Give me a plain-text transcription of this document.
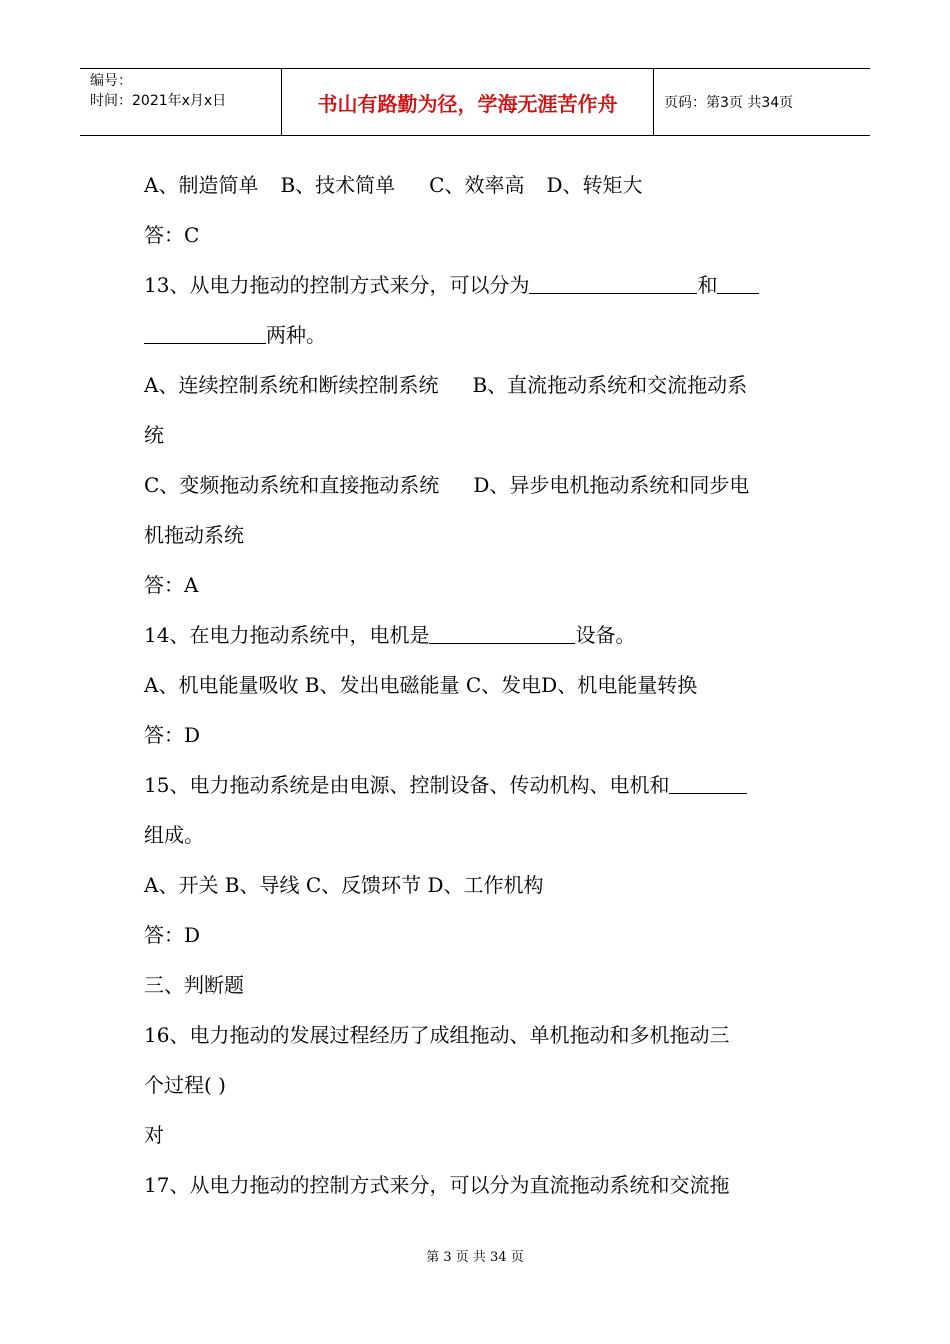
编号：
时间：2021年x月x日	书山有路勤为径，学海无涯苦作舟	页码：第3页 共34页
A、制造简单 B、技术简单 C、效率高 D、转矩大
答：C
13、从电力拖动的控制方式来分，可以分为	和
两种。
A、连续控制系统和断续控制系统 B、直流拖动系统和交流拖动系
统
C、变频拖动系统和直接拖动系统 D、异步电机拖动系统和同步电
机拖动系统
答：A
14、在电力拖动系统中，电机是	设备。
A、机电能量吸收 B、发出电磁能量 C、发电D、机电能量转换
答：D
15、电力拖动系统是由电源、控制设备、传动机构、电机和
组成。
A、开关 B、导线 C、反馈环节 D、工作机构
答：D
三、判断题
16、电力拖动的发展过程经历了成组拖动、单机拖动和多机拖动三
个过程( )
对
17、从电力拖动的控制方式来分，可以分为直流拖动系统和交流拖
第 3 页 共 34 页
